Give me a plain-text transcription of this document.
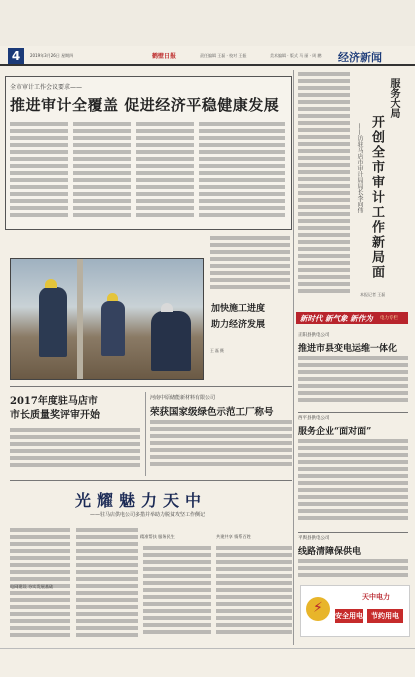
4	2019年3月26日 星期四	鹤壁日报	责任编辑 王磊 · 校对 王振	美术编辑 · 版式 马 丽 · 周 鹏 经济新闻
全市审计工作会议要求——
推进审计全覆盖 促进经济平稳健康发展
加快施工进度
助力经济发展
王 磊 摄
2017年度驻马店市
市长质量奖评审开始
河南中原储能新材料有限公司
荣获国家级绿色示范工厂称号
光耀魅力天中
——驻马店供电公司多措并举助力脱贫攻坚工作侧记
电网建设 夯实发展基础
精准帮扶 服务民生	共建共享 情系百姓
服务大局
开创全市审计工作新局面
——访驻马店市审计局局长李向伟
本报记者 王磊
新时代 新气象 新作为 电力专栏
正阳县供电公司
推进市县变电运维一体化
西平县供电公司
服务企业“面对面”
平舆县供电公司
线路清障保供电
⚡
天中电力
安全用电	节约用电
